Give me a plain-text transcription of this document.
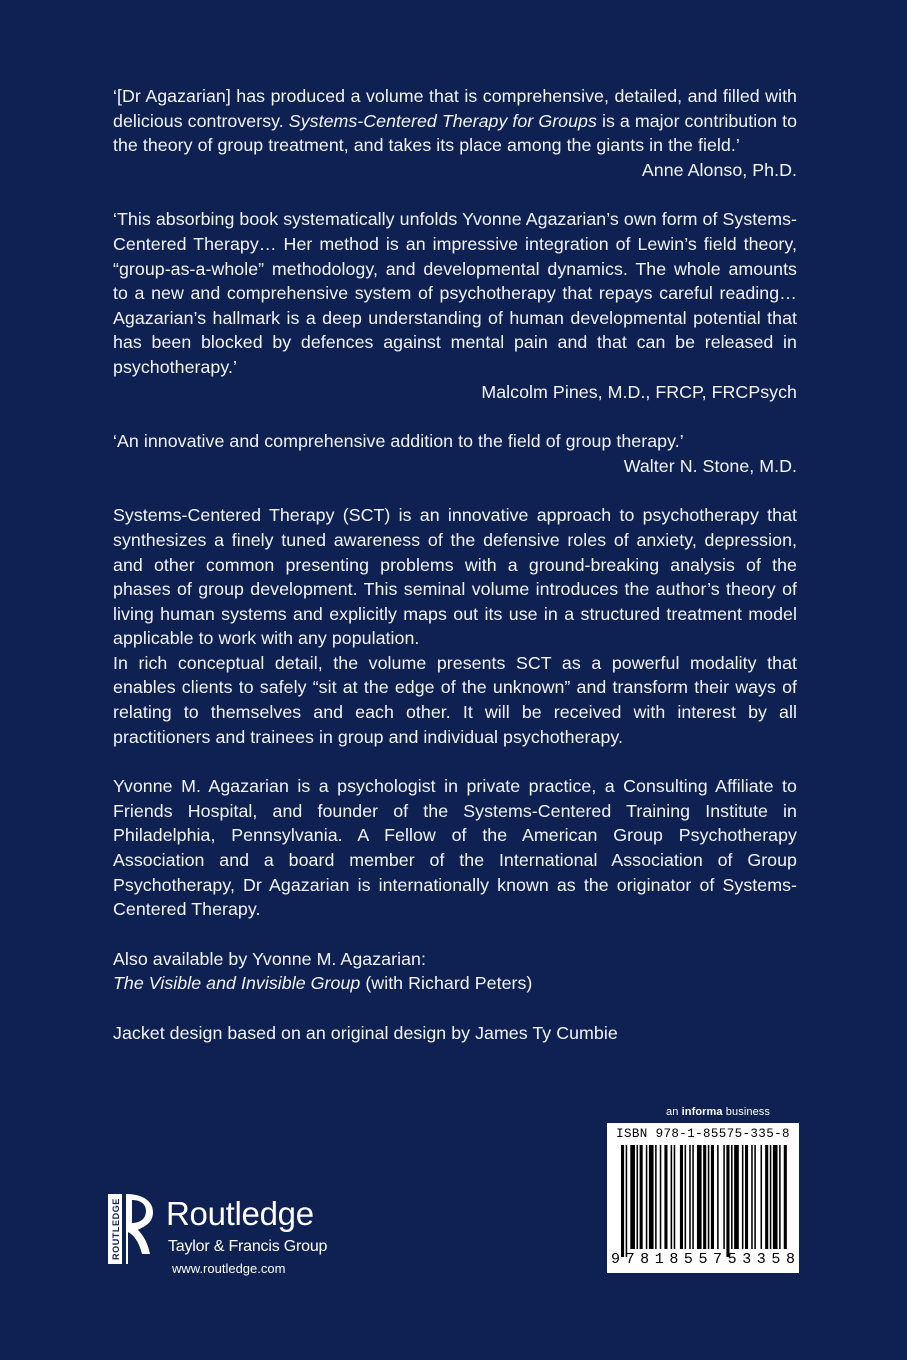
‘[Dr Agazarian] has produced a volume that is comprehensive, detailed, and filled with delicious controversy. Systems-Centered Therapy for Groups is a major contribution to the theory of group treatment, and takes its place among the giants in the field.’

Anne Alonso, Ph.D.

‘This absorbing book systematically unfolds Yvonne Agazarian’s own form of Systems-Centered Therapy… Her method is an impressive integration of Lewin’s field theory, “group-as-a-whole” methodology, and developmental dynamics. The whole amounts to a new and comprehensive system of psychotherapy that repays careful reading… Agazarian’s hallmark is a deep understanding of human developmental potential that has been blocked by defences against mental pain and that can be released in psychotherapy.’

Malcolm Pines, M.D., FRCP, FRCPsych

‘An innovative and comprehensive addition to the field of group therapy.’

Walter N. Stone, M.D.

Systems-Centered Therapy (SCT) is an innovative approach to psychotherapy that synthesizes a finely tuned awareness of the defensive roles of anxiety, depression, and other common presenting problems with a ground-breaking analysis of the phases of group development. This seminal volume introduces the author’s theory of living human systems and explicitly maps out its use in a structured treatment model applicable to work with any population.

In rich conceptual detail, the volume presents SCT as a powerful modality that enables clients to safely “sit at the edge of the unknown” and transform their ways of relating to themselves and each other. It will be received with interest by all practitioners and trainees in group and individual psychotherapy.

Yvonne M. Agazarian is a psychologist in private practice, a Consulting Affiliate to Friends Hospital, and founder of the Systems-Centered Training Institute in Philadelphia, Pennsylvania. A Fellow of the American Group Psychotherapy Association and a board member of the International Association of Group Psychotherapy, Dr Agazarian is internationally known as the originator of Systems-Centered Therapy.

Also available by Yvonne M. Agazarian:

The Visible and Invisible Group (with Richard Peters)

Jacket design based on an original design by James Ty Cumbie

an informa business
ISBN 978-1-85575-335-8
9 7 8 1 8 5 5 7 5 3 3 5 8
ROUTLEDGE Routledge
Taylor & Francis Group
www.routledge.com
